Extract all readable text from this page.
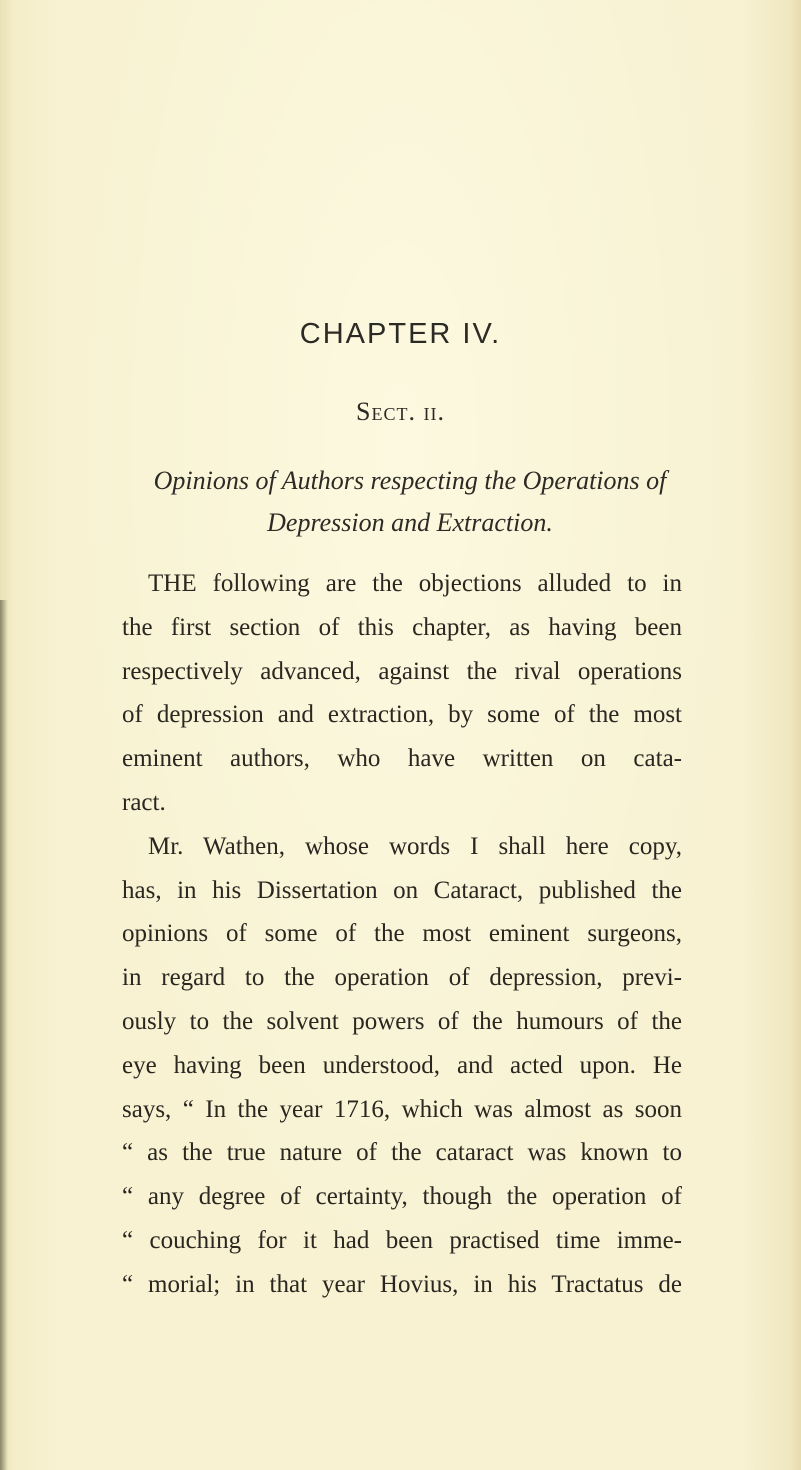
CHAPTER IV.
Sect. ii.
Opinions of Authors respecting the Operations of
Depression and Extraction.
THE following are the objections alluded to in
the first section of this chapter, as having been
respectively advanced, against the rival operations
of depression and extraction, by some of the most
eminent authors, who have written on cata-
ract.
Mr. Wathen, whose words I shall here copy,
has, in his Dissertation on Cataract, published the
opinions of some of the most eminent surgeons,
in regard to the operation of depression, previ-
ously to the solvent powers of the humours of the
eye having been understood, and acted upon. He
says, “ In the year 1716, which was almost as soon
“ as the true nature of the cataract was known to
“ any degree of certainty, though the operation of
“ couching for it had been practised time imme-
“ morial; in that year Hovius, in his Tractatus de
